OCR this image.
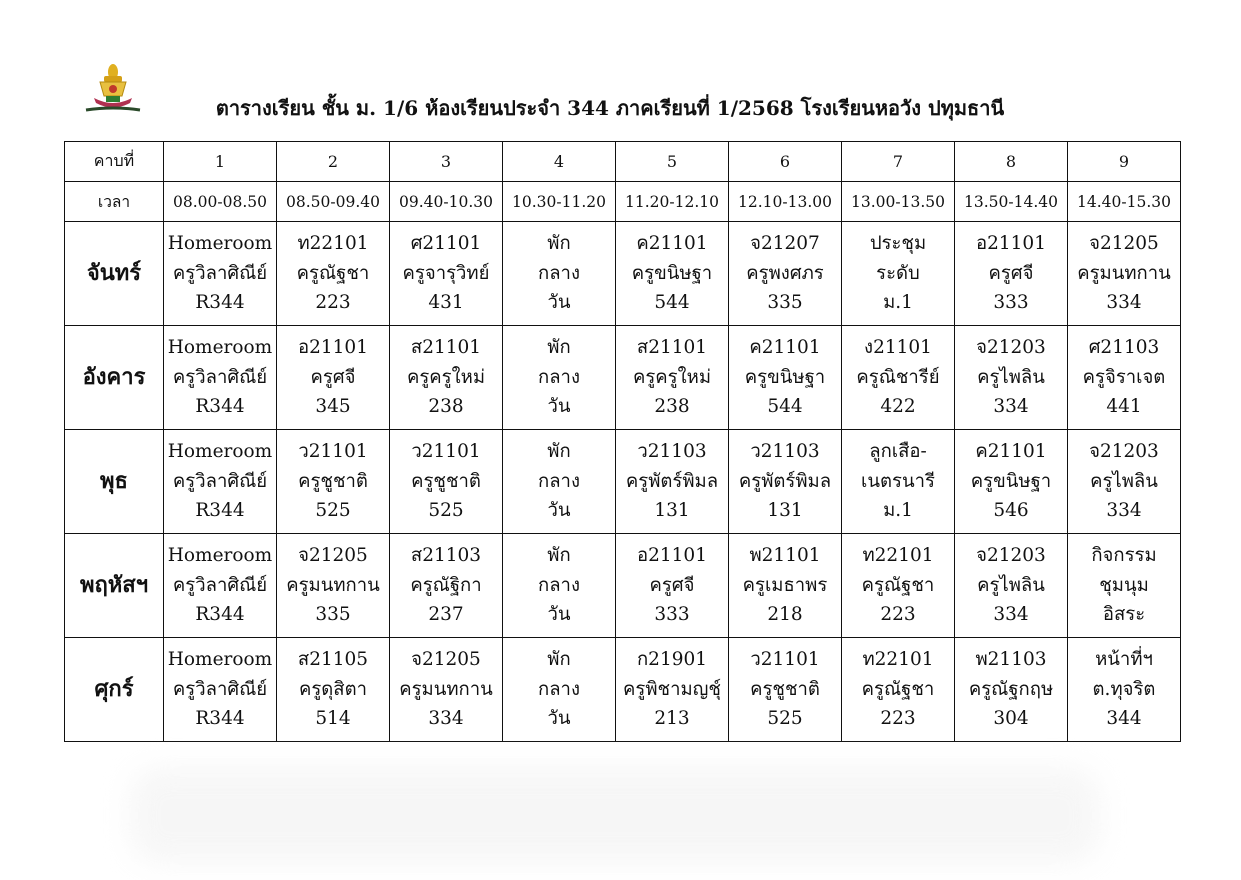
ตารางเรียน ชั้น ม. 1/6 ห้องเรียนประจำ 344 ภาคเรียนที่ 1/2568 โรงเรียนหอวัง ปทุมธานี
คาบที่	1	2	3	4	5	6	7	8	9
เวลา	08.00-08.50	08.50-09.40	09.40-10.30	10.30-11.20	11.20-12.10	12.10-13.00	13.00-13.50	13.50-14.40	14.40-15.30
จันทร์	Homeroom
ครูวิลาศิณีย์
R344	ท22101
ครูณัฐชา
223	ศ21101
ครูจารุวิทย์
431	พัก
กลาง
วัน	ค21101
ครูขนิษฐา
544	จ21207
ครูพงศภร
335	ประชุม
ระดับ
ม.1	อ21101
ครูศจี
333	จ21205
ครูมนทกาน
334

อังคาร	Homeroom
ครูวิลาศิณีย์
R344	อ21101
ครูศจี
345	ส21101
ครูครูใหม่
238	พัก
กลาง
วัน	ส21101
ครูครูใหม่
238	ค21101
ครูขนิษฐา
544	ง21101
ครูณิชารีย์
422	จ21203
ครูไพลิน
334	ศ21103
ครูจิราเจต
441

พุธ	Homeroom
ครูวิลาศิณีย์
R344	ว21101
ครูชูชาติ
525	ว21101
ครูชูชาติ
525	พัก
กลาง
วัน	ว21103
ครูพัตร์พิมล
131	ว21103
ครูพัตร์พิมล
131	ลูกเสือ-
เนตรนารี
ม.1	ค21101
ครูขนิษฐา
546	จ21203
ครูไพลิน
334

พฤหัสฯ	Homeroom
ครูวิลาศิณีย์
R344	จ21205
ครูมนทกาน
335	ส21103
ครูณัฐิกา
237	พัก
กลาง
วัน	อ21101
ครูศจี
333	พ21101
ครูเมธาพร
218	ท22101
ครูณัฐชา
223	จ21203
ครูไพลิน
334	กิจกรรม
ชุมนุม
อิสระ

ศุกร์	Homeroom
ครูวิลาศิณีย์
R344	ส21105
ครูดุสิตา
514	จ21205
ครูมนทกาน
334	พัก
กลาง
วัน	ก21901
ครูพิชามญชุ์
213	ว21101
ครูชูชาติ
525	ท22101
ครูณัฐชา
223	พ21103
ครูณัฐกฤษ
304	หน้าที่ฯ
ต.ทุจริต
344
